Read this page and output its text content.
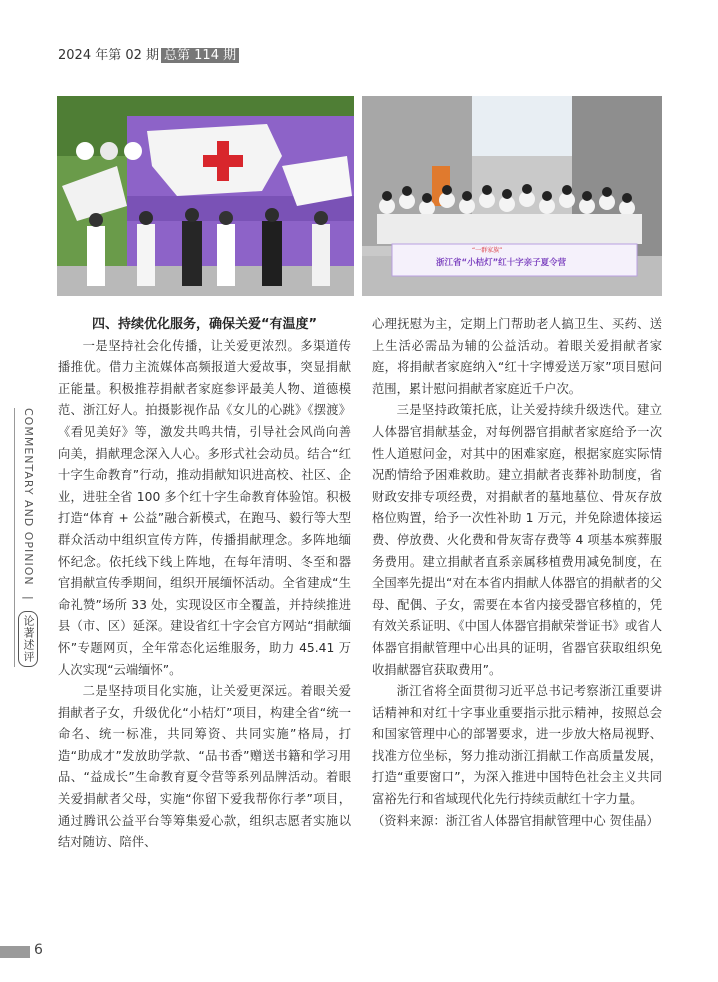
2024 年第 02 期 总第 114 期
“一群家族”
浙江省“小桔灯”红十字亲子夏令营
COMMENTARY AND OPINION | 论著述评

四、持续优化服务，确保关爱“有温度”

一是坚持社会化传播，让关爱更浓烈。多渠道传播推优。借力主流媒体高频报道大爱故事，突显捐献正能量。积极推荐捐献者家庭参评最美人物、道德模范、浙江好人。拍摄影视作品《女儿的心跳》《摆渡》《看见美好》等，激发共鸣共情，引导社会风尚向善向美，捐献理念深入人心。多形式社会动员。结合“红十字生命教育”行动，推动捐献知识进高校、社区、企业，进驻全省 100 多个红十字生命教育体验馆。积极打造“体育 + 公益”融合新模式，在跑马、毅行等大型群众活动中组织宣传方阵，传播捐献理念。多阵地缅怀纪念。依托线下线上阵地，在每年清明、冬至和器官捐献宣传季期间，组织开展缅怀活动。全省建成“生命礼赞”场所 33 处，实现设区市全覆盖，并持续推进县（市、区）延深。建设省红十字会官方网站“捐献缅怀”专题网页，全年常态化运维服务，助力 45.41 万人次实现“云端缅怀”。

二是坚持项目化实施，让关爱更深远。着眼关爱捐献者子女，升级优化“小桔灯”项目，构建全省“统一命名、统一标准，共同筹资、共同实施”格局，打造“助成才”发放助学款、“品书香”赠送书籍和学习用品、“益成长”生命教育夏令营等系列品牌活动。着眼关爱捐献者父母，实施“你留下爱我帮你行孝”项目，通过腾讯公益平台等筹集爱心款，组织志愿者实施以结对随访、陪伴、

心理抚慰为主，定期上门帮助老人搞卫生、买药、送上生活必需品为辅的公益活动。着眼关爱捐献者家庭，将捐献者家庭纳入“红十字博爱送万家”项目慰问范围，累计慰问捐献者家庭近千户次。

三是坚持政策托底，让关爱持续升级迭代。建立人体器官捐献基金，对每例器官捐献者家庭给予一次性人道慰问金，对其中的困难家庭，根据家庭实际情况酌情给予困难救助。建立捐献者丧葬补助制度，省财政安排专项经费，对捐献者的墓地墓位、骨灰存放格位购置，给予一次性补助 1 万元，并免除遗体接运费、停放费、火化费和骨灰寄存费等 4 项基本殡葬服务费用。建立捐献者直系亲属移植费用减免制度，在全国率先提出“对在本省内捐献人体器官的捐献者的父母、配偶、子女，需要在本省内接受器官移植的，凭有效关系证明、《中国人体器官捐献荣誉证书》或省人体器官捐献管理中心出具的证明，省器官获取组织免收捐献器官获取费用”。

浙江省将全面贯彻习近平总书记考察浙江重要讲话精神和对红十字事业重要指示批示精神，按照总会和国家管理中心的部署要求，进一步放大格局视野、找准方位坐标，努力推动浙江捐献工作高质量发展，打造“重要窗口”，为深入推进中国特色社会主义共同富裕先行和省域现代化先行持续贡献红十字力量。

（资料来源：浙江省人体器官捐献管理中心 贺佳晶）

6
